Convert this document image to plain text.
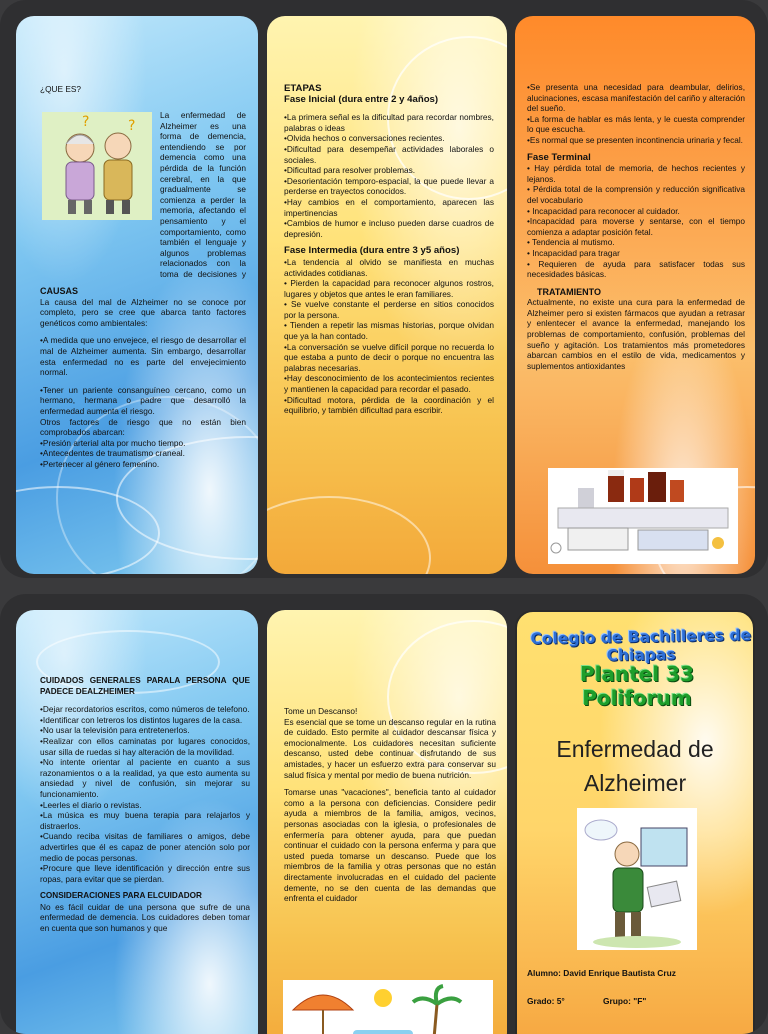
¿QUE ES?
?	?
La enfermedad de Alzheimer es una forma de demencia, entendiendo se por demencia como una pérdida de la función cerebral, en la que gradualmente se comienza a perder la memoria, afectando el pensamiento y el comportamiento, como también el lenguaje y algunos problemas relacionados con la toma de decisiones y

CAUSAS

La causa del mal de Alzheimer no se conoce por completo, pero se cree que abarca tanto factores genéticos como ambientales:

•A medida que uno envejece, el riesgo de desarrollar el mal de Alzheimer aumenta. Sin embargo, desarrollar esta enfermedad no es parte del envejecimiento normal.

•Tener un pariente consanguíneo cercano, como un hermano, hermana o padre que desarrolló la enfermedad aumenta el riesgo.

Otros factores de riesgo que no están bien comprobados abarcan:

•Presión arterial alta por mucho tiempo.

•Antecedentes de traumatismo craneal.

•Pertenecer al género femenino.

ETAPAS

Fase Inicial (dura entre 2 y 4años)

•La primera señal es la dificultad para recordar nombres, palabras o ideas

•Olvida hechos o conversaciones recientes.

•Dificultad para desempeñar actividades laborales o sociales.

•Dificultad para resolver problemas.

•Desorientación temporo-espacial, la que puede llevar a perderse en trayectos conocidos.

•Hay cambios en el comportamiento, aparecen las impertinencias

•Cambios de humor e incluso pueden darse cuadros de depresión.

Fase Intermedia (dura entre 3 y5 años)

•La tendencia al olvido se manifiesta en muchas actividades cotidianas.

• Pierden la capacidad para reconocer algunos rostros, lugares y objetos que antes le eran familiares.

• Se vuelve constante el perderse en sitios conocidos por la persona.

• Tienden a repetir las mismas historias, porque olvidan que ya la han contado.

•La conversación se vuelve difícil porque no recuerda lo que estaba a punto de decir o porque no encuentra las palabras necesarias.

•Hay desconocimiento de los acontecimientos recientes y mantienen la capacidad para recordar el pasado.

•Dificultad motora, pérdida de la coordinación y el equilibrio, y también dificultad para escribir.

•Se presenta una necesidad para deambular, delirios, alucinaciones, escasa manifestación del cariño y alteración del sueño.

•La forma de hablar es más lenta, y le cuesta comprender lo que escucha.

•Es normal que se presenten incontinencia urinaria y fecal.

Fase Terminal

• Hay pérdida total de memoria, de hechos recientes y lejanos.

• Pérdida total de la comprensión y reducción significativa del vocabulario

• Incapacidad para reconocer al cuidador.

•Incapacidad para moverse y sentarse, con el tiempo comienza a adaptar posición fetal.

• Tendencia al mutismo.

• Incapacidad para tragar

• Requieren de ayuda para satisfacer todas sus necesidades básicas.

TRATAMIENTO

Actualmente, no existe una cura para la enfermedad de Alzheimer pero si existen fármacos que ayudan a retrasar y enlentecer el avance la enfermedad, manejando los problemas de comportamiento, confusión, problemas del sueño y agitación. Los tratamientos más prometedores abarcan cambios en el estilo de vida, medicamentos y suplementos antioxidantes

CUIDADOS GENERALES PARALA PERSONA QUE PADECE DEALZHEIMER

•Dejar recordatorios escritos, como números de telefono.

•Identificar con letreros los distintos lugares de la casa.

•No usar la televisión para entretenerlos.

•Realizar con ellos caminatas por lugares conocidos, usar silla de ruedas si hay alteración de la movilidad.

•No intente orientar al paciente en cuanto a sus razonamientos o a la realidad, ya que esto aumenta su ansiedad y nivel de confusión, sin mejorar su funcionamiento.

•Leerles el diario o revistas.

•La música es muy buena terapia para relajarlos y distraerlos.

•Cuando reciba visitas de familiares o amigos, debe advertirles que él es capaz de poner atención solo por medio de pocas personas.

•Procure que lleve identificación y dirección entre sus ropas, para evitar que se pierdan.

CONSIDERACIONES PARA ELCUIDADOR

No es fácil cuidar de una persona que sufre de una enfermedad de demencia. Los cuidadores deben tomar en cuenta que son humanos y que

Tome un Descanso!

Es esencial que se tome un descanso regular en la rutina de cuidado. Esto permite al cuidador descansar física y emocionalmente. Los cuidadores necesitan suficiente descanso, usted debe continuar disfrutando de sus amistades, y hacer un esfuerzo extra para conservar su salud física y mental por medio de buena nutrición.

Tomarse unas "vacaciones", beneficia tanto al cuidador como a la persona con deficiencias. Considere pedir ayuda a miembros de la familia, amigos, vecinos, personas asociadas con la iglesia, o profesionales de enfermería para obtener ayuda, para que puedan continuar el cuidado con la persona enferma y para que usted pueda tomarse un descanso. Puede que los miembros de la familia y otras personas que no están directamente involucradas en el cuidado del paciente demente, no se den cuenta de las demandas que enfrenta el cuidador

Colegio de Bachilleres de Chiapas
Plantel 33 Poliforum
Enfermedad de
Alzheimer
Alumno: David Enrique Bautista Cruz
Grado: 5°	Grupo: "F"
